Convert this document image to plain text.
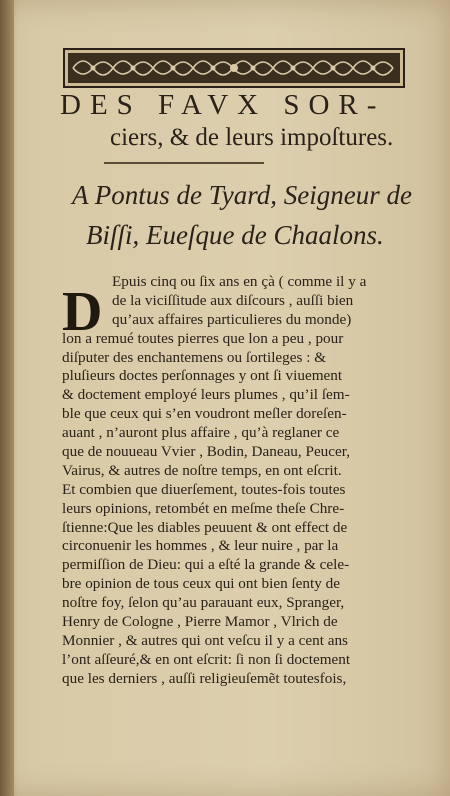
DES FAVX SOR-
ciers, & de leurs impoſtures.
A Pontus de Tyard, Seigneur de
Biſſi, Eueſque de Chaalons.
D Epuis cinq ou ſix ans en çà ( comme il y a
de la viciſſitude aux diſcours , auſſi bien
qu’aux affaires particulieres du monde)
lon a remué toutes pierres que lon a peu , pour
diſputer des enchantemens ou ſortileges : &
pluſieurs doctes perſonnages y ont ſi viuement
& doctement employé leurs plumes , qu’il ſem-
ble que ceux qui s’en voudront meſler doreſen-
auant , n’auront plus affaire , qu’à reglaner ce
que de nouueau Vvier , Bodin, Daneau, Peucer,
Vairus, & autres de noſtre temps, en ont eſcrit.
Et combien que diuerſement, toutes-fois toutes
leurs opinions, retombét en meſme theſe Chre-
ſtienne:Que les diables peuuent & ont effect de
circonuenir les hommes , & leur nuire , par la
permiſſion de Dieu: qui a eſté la grande & cele-
bre opinion de tous ceux qui ont bien ſenty de
noſtre foy, ſelon qu’au parauant eux, Spranger,
Henry de Cologne , Pierre Mamor , Vlrich de
Monnier , & autres qui ont veſcu il y a cent ans
l’ont aſſeuré,& en ont eſcrit: ſi non ſi doctement
que les derniers , auſſi religieuſemẽt toutesfois,
